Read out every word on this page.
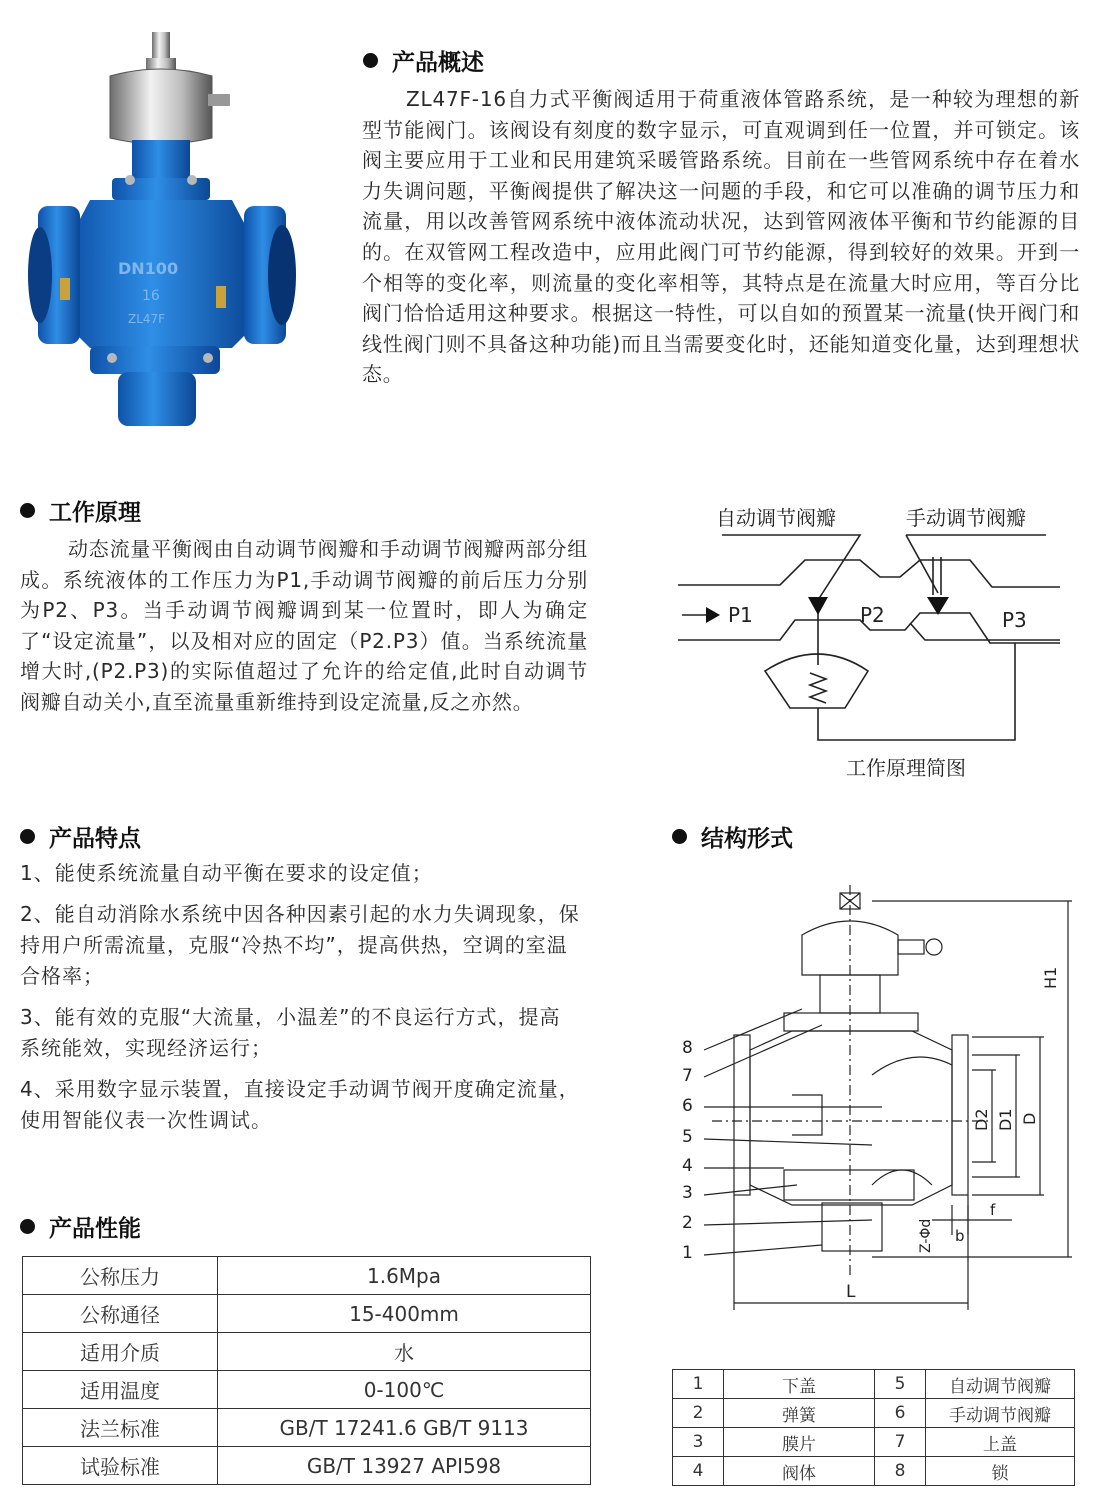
DN100
16
ZL47F
产品概述

ZL47F-16自力式平衡阀适用于荷重液体管路系统，是一种较为理想的新型节能阀门。该阀设有刻度的数字显示，可直观调到任一位置，并可锁定。该阀主要应用于工业和民用建筑采暖管路系统。目前在一些管网系统中存在着水力失调问题，平衡阀提供了解决这一问题的手段，和它可以准确的调节压力和流量，用以改善管网系统中液体流动状况，达到管网液体平衡和节约能源的目的。在双管网工程改造中，应用此阀门可节约能源，得到较好的效果。开到一个相等的变化率，则流量的变化率相等，其特点是在流量大时应用，等百分比阀门恰恰适用这种要求。根据这一特性，可以自如的预置某一流量(快开阀门和线性阀门则不具备这种功能)而且当需要变化时，还能知道变化量，达到理想状态。

工作原理

动态流量平衡阀由自动调节阀瓣和手动调节阀瓣两部分组成。系统液体的工作压力为P1,手动调节阀瓣的前后压力分别为P2、P3。当手动调节阀瓣调到某一位置时，即人为确定了“设定流量”，以及相对应的固定（P2.P3）值。当系统流量增大时,(P2.P3)的实际值超过了允许的给定值,此时自动调节阀瓣自动关小,直至流量重新维持到设定流量,反之亦然。

自动调节阀瓣	手动调节阀瓣
P1	P2	P3
工作原理简图
产品特点

1、能使系统流量自动平衡在要求的设定值；

2、能自动消除水系统中因各种因素引起的水力失调现象，保持用户所需流量，克服“冷热不均”，提高供热，空调的室温合格率；

3、能有效的克服“大流量，小温差”的不良运行方式，提高系统能效，实现经济运行；

4、采用数字显示装置，直接设定手动调节阀开度确定流量，使用智能仪表一次性调试。

结构形式
8
7
6
5
4
3
2
1
H1
D2 D1 D
Z-Φd b
f
L
产品性能
公称压力	1.6Mpa
公称通径	15-400mm
适用介质	水
适用温度	0-100℃
法兰标准	GB/T 17241.6 GB/T 9113
试验标准	GB/T 13927 API598
1	下盖	5	自动调节阀瓣
2	弹簧	6	手动调节阀瓣
3	膜片	7	上盖
4	阀体	8	锁
